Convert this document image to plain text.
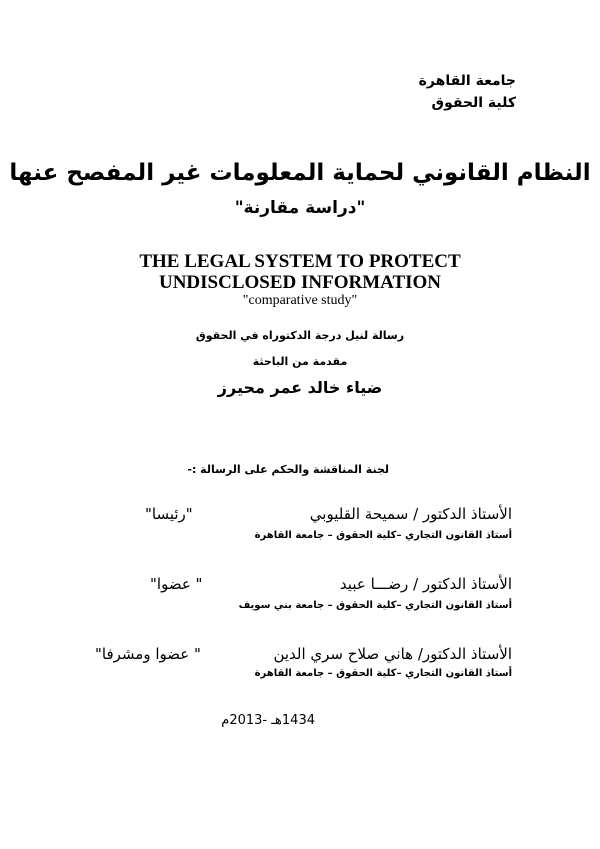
جامعة القاهرة
كلية الحقوق
النظام القانوني لحماية المعلومات غير المفصح عنها
"دراسة مقارنة"
THE LEGAL SYSTEM TO PROTECT
UNDISCLOSED INFORMATION
"comparative study"
رسالة لنيل درجة الدكتوراه في الحقوق
مقدمة من الباحثة
ضياء خالد عمر محيرز
لجنة المناقشة والحكم على الرسالة :-
الأستاذ الدكتور / سميحة القليوبي
"رئيسا"
أستاذ القانون التجاري –كلية الحقوق – جامعة القاهرة
الأستاذ الدكتور / رضـــا عبيد
" عضوا"
أستاذ القانون التجاري –كلية الحقوق – جامعة بني سويف
الأستاذ الدكتور/ هاني صلاح سري الدين
" عضوا ومشرفا"
أستاذ القانون التجاري –كلية الحقوق – جامعة القاهرة
1434هـ -2013م
